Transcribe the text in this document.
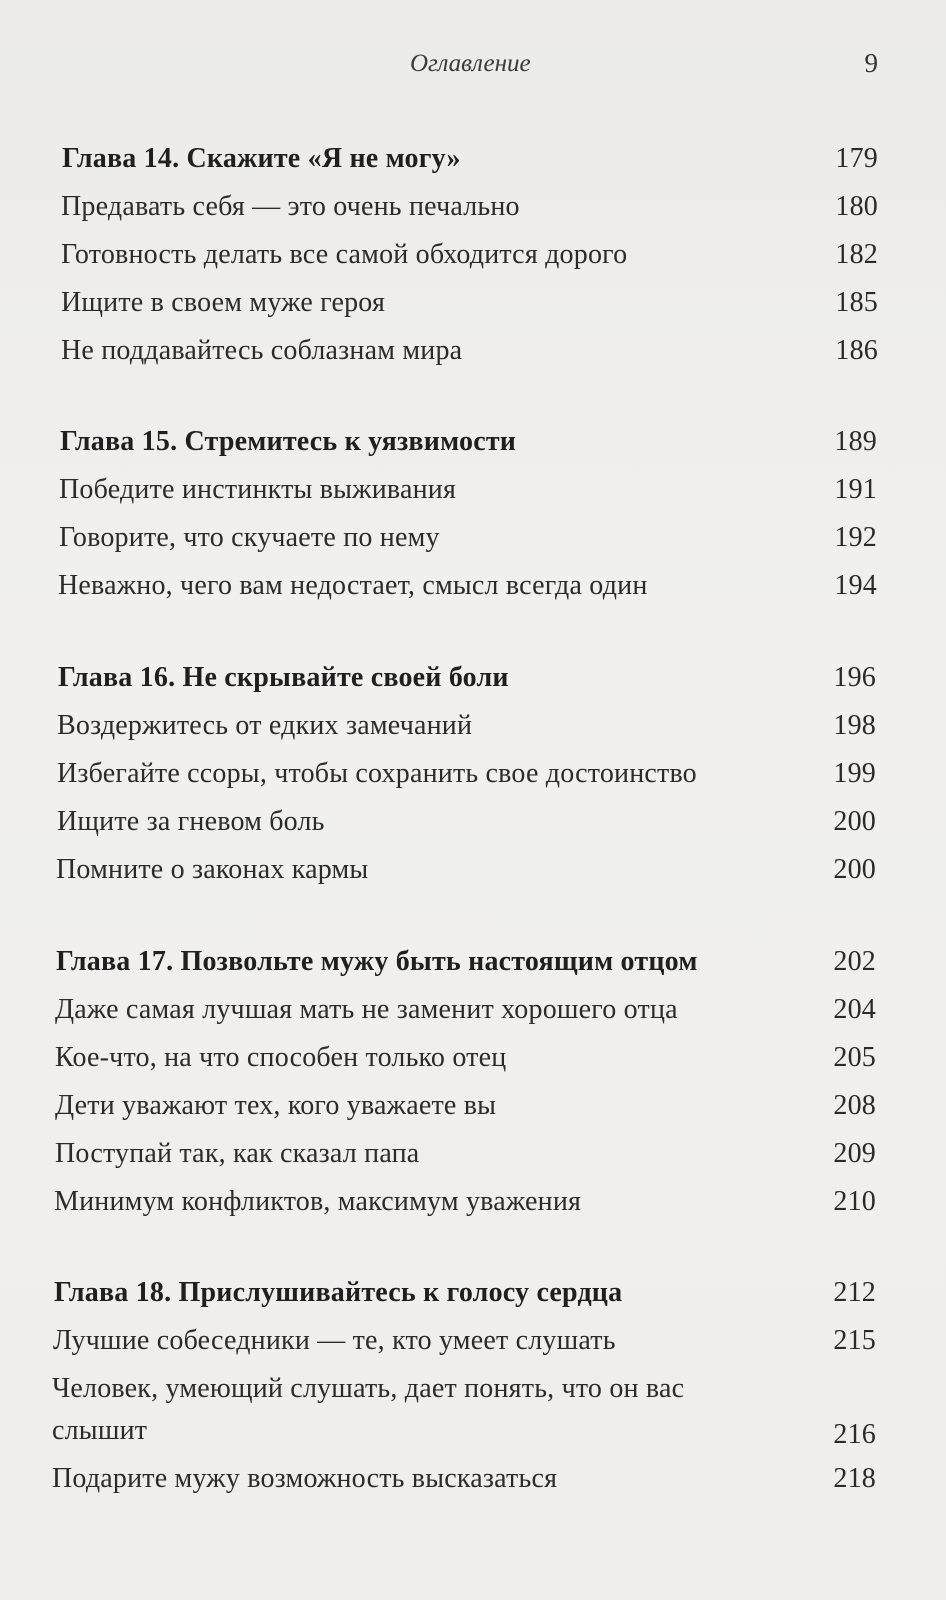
Оглавление	9
Глава 14. Скажите «Я не могу»	179
Предавать себя — это очень печально	180
Готовность делать все самой обходится дорого	182
Ищите в своем муже героя	185
Не поддавайтесь соблазнам мира	186
Глава 15. Стремитесь к уязвимости	189
Победите инстинкты выживания	191
Говорите, что скучаете по нему	192
Неважно, чего вам недостает, смысл всегда один	194
Глава 16. Не скрывайте своей боли	196
Воздержитесь от едких замечаний	198
Избегайте ссоры, чтобы сохранить свое достоинство	199
Ищите за гневом боль	200
Помните о законах кармы	200
Глава 17. Позвольте мужу быть настоящим отцом	202
Даже самая лучшая мать не заменит хорошего отца	204
Кое-что, на что способен только отец	205
Дети уважают тех, кого уважаете вы	208
Поступай так, как сказал папа	209
Минимум конфликтов, максимум уважения	210
Глава 18. Прислушивайтесь к голосу сердца	212
Лучшие собеседники — те, кто умеет слушать	215
Человек, умеющий слушать, дает понять, что он вас слышит	216
Подарите мужу возможность высказаться	218
